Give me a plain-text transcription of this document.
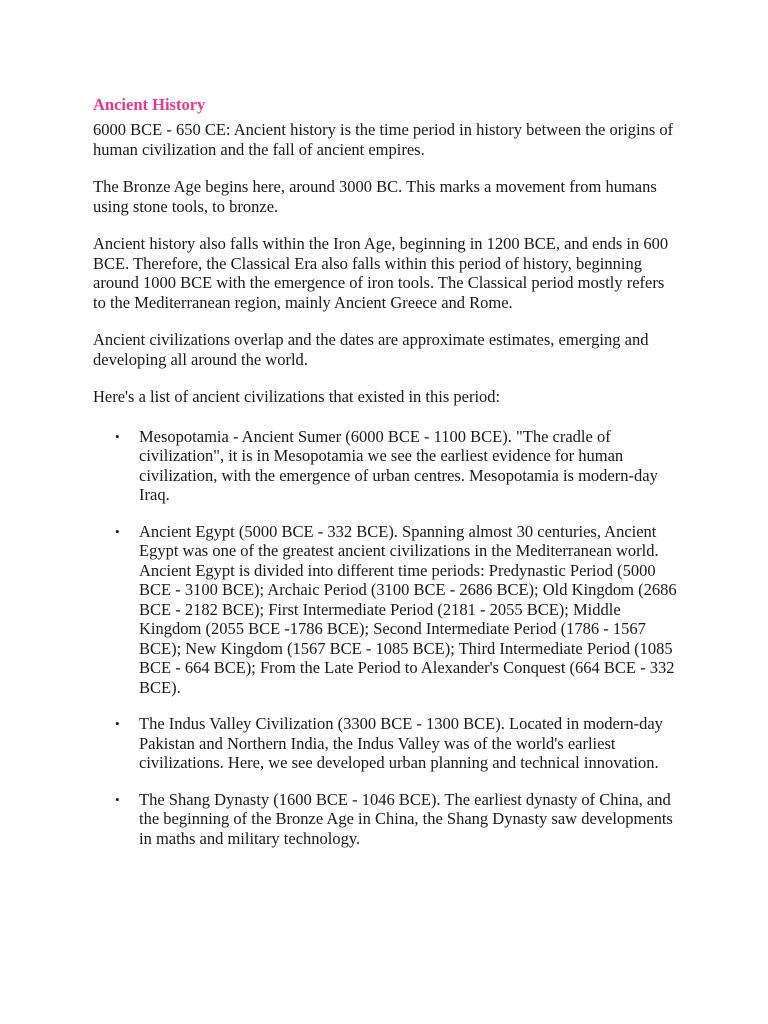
Ancient History

6000 BCE - 650 CE: Ancient history is the time period in history between the origins of human civilization and the fall of ancient empires.

The Bronze Age begins here, around 3000 BC. This marks a movement from humans using stone tools, to bronze.

Ancient history also falls within the Iron Age, beginning in 1200 BCE, and ends in 600 BCE. Therefore, the Classical Era also falls within this period of history, beginning around 1000 BCE with the emergence of iron tools. The Classical period mostly refers to the Mediterranean region, mainly Ancient Greece and Rome.

Ancient civilizations overlap and the dates are approximate estimates, emerging and developing all around the world.

Here's a list of ancient civilizations that existed in this period:

• Mesopotamia - Ancient Sumer (6000 BCE - 1100 BCE). "The cradle of civilization", it is in Mesopotamia we see the earliest evidence for human civilization, with the emergence of urban centres. Mesopotamia is modern-day Iraq.
• Ancient Egypt (5000 BCE - 332 BCE). Spanning almost 30 centuries, Ancient Egypt was one of the greatest ancient civilizations in the Mediterranean world. Ancient Egypt is divided into different time periods: Predynastic Period (5000 BCE - 3100 BCE); Archaic Period (3100 BCE - 2686 BCE); Old Kingdom (2686 BCE - 2182 BCE); First Intermediate Period (2181 - 2055 BCE); Middle Kingdom (2055 BCE -1786 BCE); Second Intermediate Period (1786 - 1567 BCE); New Kingdom (1567 BCE - 1085 BCE); Third Intermediate Period (1085 BCE - 664 BCE); From the Late Period to Alexander's Conquest (664 BCE - 332 BCE).
• The Indus Valley Civilization (3300 BCE - 1300 BCE). Located in modern-day Pakistan and Northern India, the Indus Valley was of the world's earliest civilizations. Here, we see developed urban planning and technical innovation.
• The Shang Dynasty (1600 BCE - 1046 BCE). The earliest dynasty of China, and the beginning of the Bronze Age in China, the Shang Dynasty saw developments in maths and military technology.
